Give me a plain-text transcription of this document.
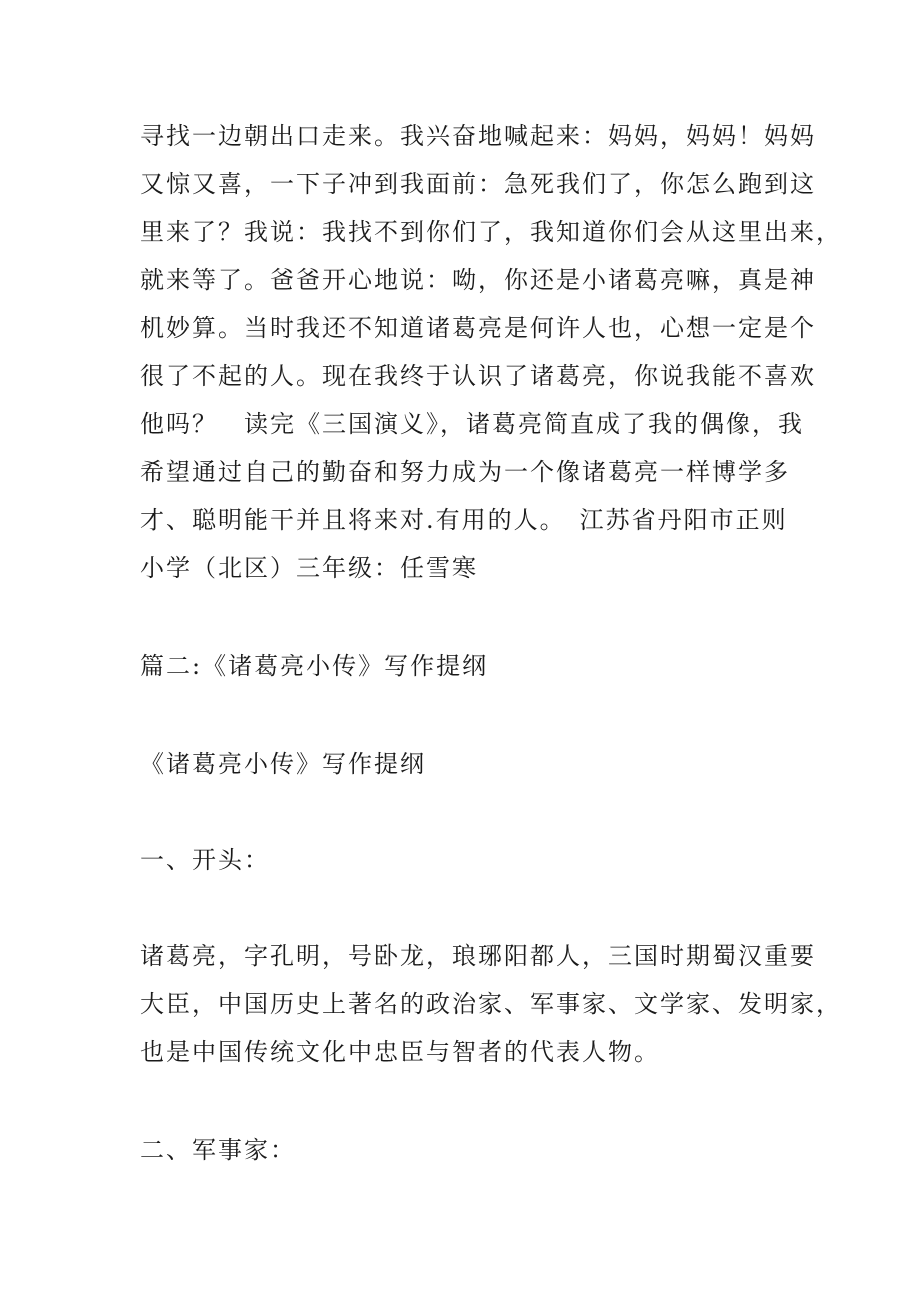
寻找一边朝出口走来。我兴奋地喊起来：妈妈，妈妈！妈妈

又惊又喜，一下子冲到我面前：急死我们了，你怎么跑到这

里来了？我说：我找不到你们了，我知道你们会从这里出来，

就来等了。爸爸开心地说：呦，你还是小诸葛亮嘛，真是神

机妙算。当时我还不知道诸葛亮是何许人也，心想一定是个

很了不起的人。现在我终于认识了诸葛亮，你说我能不喜欢

他吗？　读完《三国演义》，诸葛亮简直成了我的偶像，我

希望通过自己的勤奋和努力成为一个像诸葛亮一样博学多

才、聪明能干并且将来对.有用的人。　江苏省丹阳市正则

小学（北区）三年级：任雪寒

篇二:《诸葛亮小传》写作提纲

《诸葛亮小传》写作提纲

一、开头：

诸葛亮，字孔明，号卧龙，琅琊阳都人，三国时期蜀汉重要

大臣，中国历史上著名的政治家、军事家、文学家、发明家，

也是中国传统文化中忠臣与智者的代表人物。

二、军事家：
